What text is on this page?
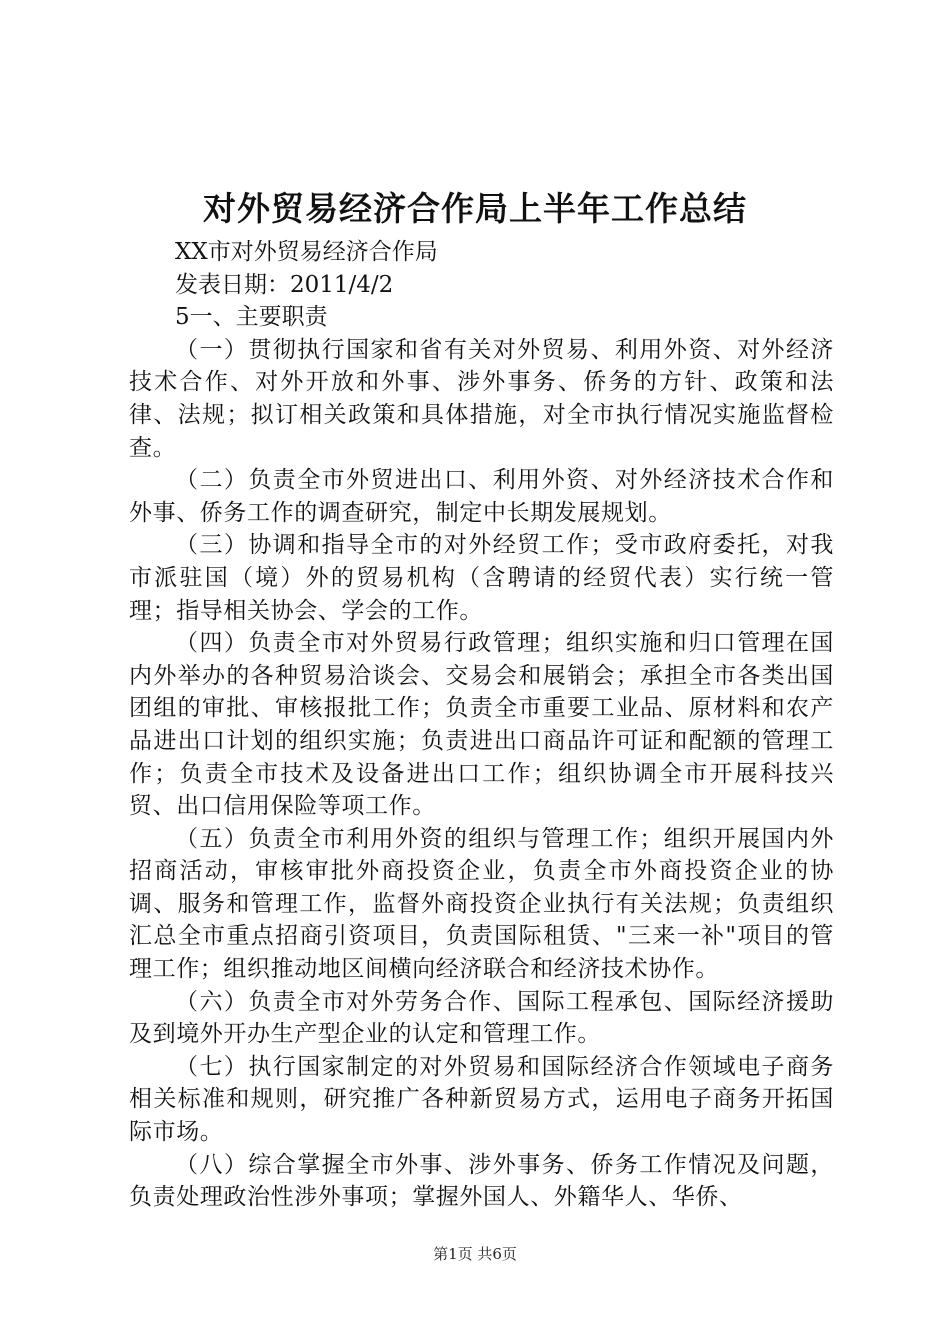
对外贸易经济合作局上半年工作总结

XX市对外贸易经济合作局

发表日期：2011/4/2

5一、主要职责

（一）贯彻执行国家和省有关对外贸易、利用外资、对外经济技术合作、对外开放和外事、涉外事务、侨务的方针、政策和法律、法规；拟订相关政策和具体措施，对全市执行情况实施监督检查。

（二）负责全市外贸进出口、利用外资、对外经济技术合作和外事、侨务工作的调查研究，制定中长期发展规划。

（三）协调和指导全市的对外经贸工作；受市政府委托，对我市派驻国（境）外的贸易机构（含聘请的经贸代表）实行统一管理；指导相关协会、学会的工作。

（四）负责全市对外贸易行政管理；组织实施和归口管理在国内外举办的各种贸易洽谈会、交易会和展销会；承担全市各类出国团组的审批、审核报批工作；负责全市重要工业品、原材料和农产品进出口计划的组织实施；负责进出口商品许可证和配额的管理工作；负责全市技术及设备进出口工作；组织协调全市开展科技兴贸、出口信用保险等项工作。

（五）负责全市利用外资的组织与管理工作；组织开展国内外招商活动，审核审批外商投资企业，负责全市外商投资企业的协调、服务和管理工作，监督外商投资企业执行有关法规；负责组织汇总全市重点招商引资项目，负责国际租赁、"三来一补"项目的管理工作；组织推动地区间横向经济联合和经济技术协作。

（六）负责全市对外劳务合作、国际工程承包、国际经济援助及到境外开办生产型企业的认定和管理工作。

（七）执行国家制定的对外贸易和国际经济合作领域电子商务相关标准和规则，研究推广各种新贸易方式，运用电子商务开拓国际市场。

（八）综合掌握全市外事、涉外事务、侨务工作情况及问题，负责处理政治性涉外事项；掌握外国人、外籍华人、华侨、

第1页 共6页
